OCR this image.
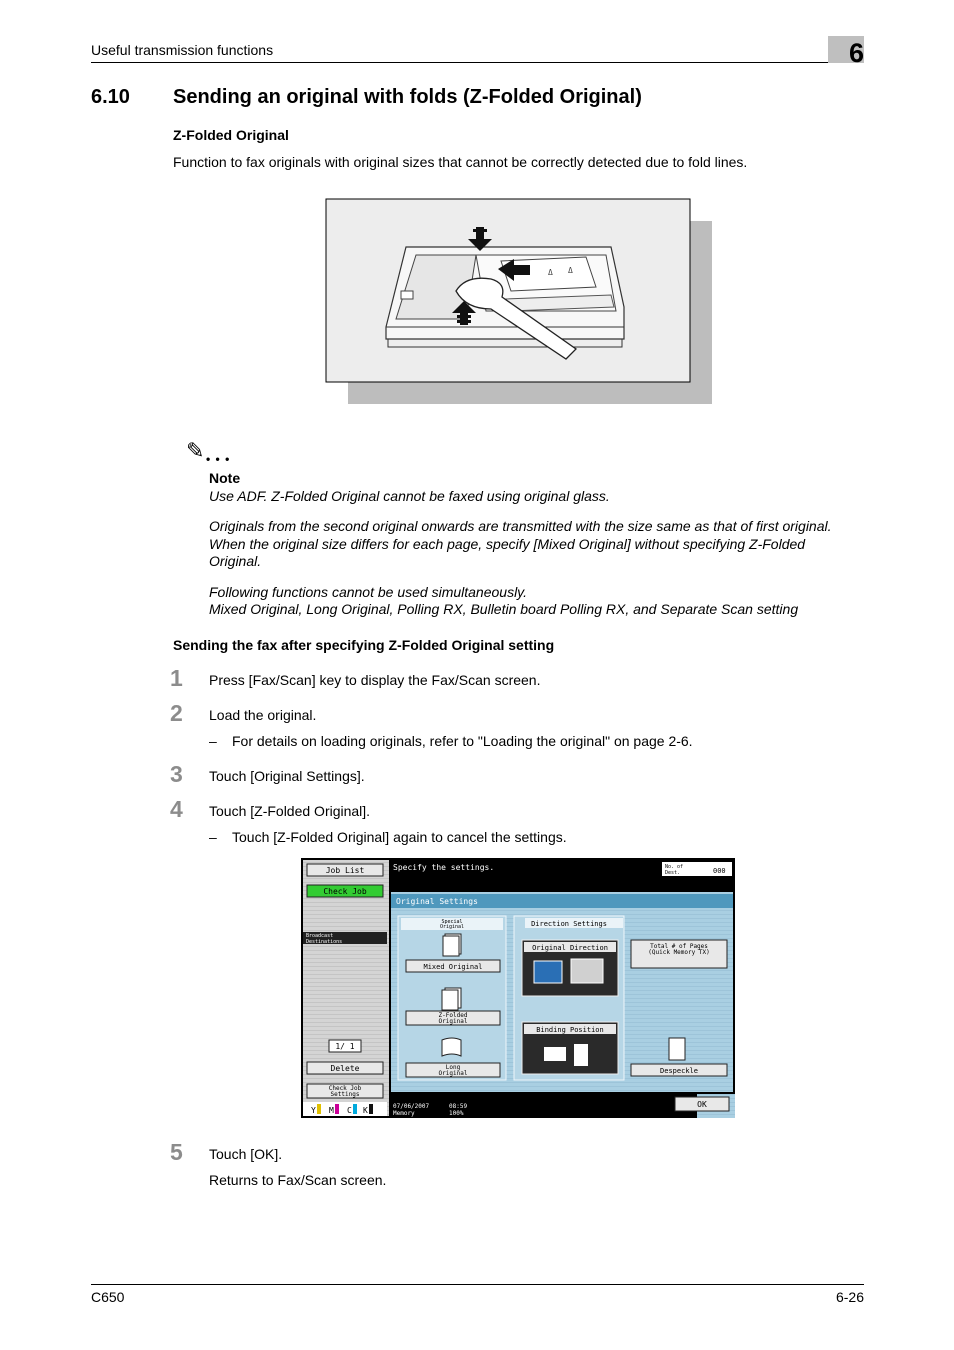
Useful transmission functions	6
6.10 Sending an original with folds (Z-Folded Original)
Z-Folded Original
Function to fax originals with original sizes that cannot be correctly detected due to fold lines.
Δ Δ
✎ • • •
Note
Use ADF. Z-Folded Original cannot be faxed using original glass.
Originals from the second original onwards are transmitted with the size same as that of first original.
When the original size differs for each page, specify [Mixed Original] without specifying Z-Folded
Original.
Following functions cannot be used simultaneously.
Mixed Original, Long Original, Polling RX, Bulletin board Polling RX, and Separate Scan setting
Sending the fax after specifying Z-Folded Original setting
1 Press [Fax/Scan] key to display the Fax/Scan screen.
2 Load the original.
– For details on loading originals, refer to "Loading the original" on page 2-6.
3 Touch [Original Settings].
4 Touch [Z-Folded Original].
– Touch [Z-Folded Original] again to cancel the settings.
Job List
Check Job
Broadcast
Destinations
1/ 1
Delete
Check Job
Settings
Y M C K
Specify the settings.	No. of
Dest.	000
Original Settings
Special
Original
Mixed Original
Z-Folded
Original
Long
Original
Direction Settings
Original Direction
Binding Position
Total # of Pages
(Quick Memory TX)
Despeckle
07/06/2007	08:59
Memory	100%
OK
5 Touch [OK].
Returns to Fax/Scan screen.
C650	6-26
